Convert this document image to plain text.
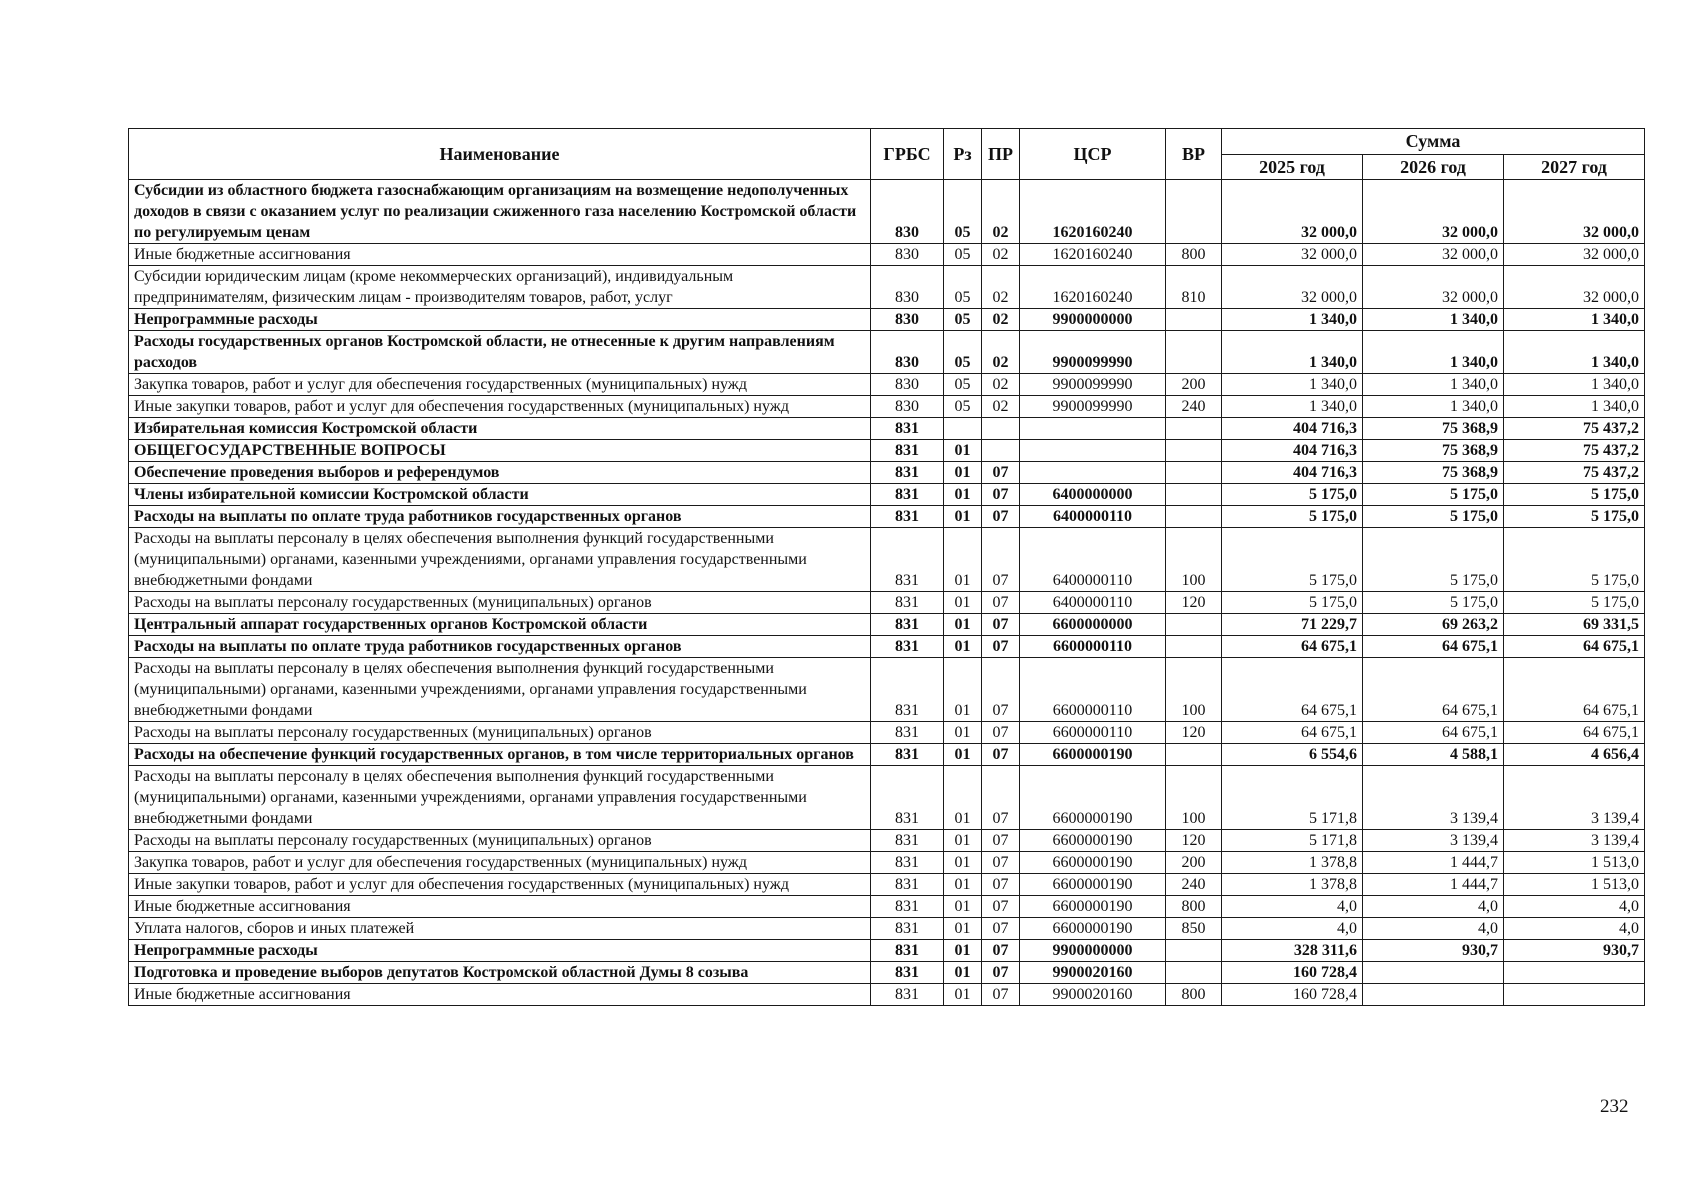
Наименование	ГРБС	Рз	ПР	ЦСР	ВР	Сумма		
						2025 год	2026 год	2027 год
Субсидии из областного бюджета газоснабжающим организациям на возмещение недополученных доходов в связи с оказанием услуг по реализации сжиженного газа населению Костромской области по регулируемым ценам	830	05	02	1620160240		32 000,0	32 000,0	32 000,0
Иные бюджетные ассигнования	830	05	02	1620160240	800	32 000,0	32 000,0	32 000,0
Субсидии юридическим лицам (кроме некоммерческих организаций), индивидуальным предпринимателям, физическим лицам - производителям товаров, работ, услуг	830	05	02	1620160240	810	32 000,0	32 000,0	32 000,0
Непрограммные расходы	830	05	02	9900000000		1 340,0	1 340,0	1 340,0
Расходы государственных органов Костромской области, не отнесенные к другим направлениям расходов	830	05	02	9900099990		1 340,0	1 340,0	1 340,0
Закупка товаров, работ и услуг для обеспечения государственных (муниципальных) нужд	830	05	02	9900099990	200	1 340,0	1 340,0	1 340,0
Иные закупки товаров, работ и услуг для обеспечения государственных (муниципальных) нужд	830	05	02	9900099990	240	1 340,0	1 340,0	1 340,0
Избирательная комиссия Костромской области	831					404 716,3	75 368,9	75 437,2
ОБЩЕГОСУДАРСТВЕННЫЕ ВОПРОСЫ	831	01				404 716,3	75 368,9	75 437,2
Обеспечение проведения выборов и референдумов	831	01	07			404 716,3	75 368,9	75 437,2
Члены избирательной комиссии Костромской области	831	01	07	6400000000		5 175,0	5 175,0	5 175,0
Расходы на выплаты по оплате труда работников государственных органов	831	01	07	6400000110		5 175,0	5 175,0	5 175,0
Расходы на выплаты персоналу в целях обеспечения выполнения функций государственными (муниципальными) органами, казенными учреждениями, органами управления государственными внебюджетными фондами	831	01	07	6400000110	100	5 175,0	5 175,0	5 175,0
Расходы на выплаты персоналу государственных (муниципальных) органов	831	01	07	6400000110	120	5 175,0	5 175,0	5 175,0
Центральный аппарат государственных органов Костромской области	831	01	07	6600000000		71 229,7	69 263,2	69 331,5
Расходы на выплаты по оплате труда работников государственных органов	831	01	07	6600000110		64 675,1	64 675,1	64 675,1
Расходы на выплаты персоналу в целях обеспечения выполнения функций государственными (муниципальными) органами, казенными учреждениями, органами управления государственными внебюджетными фондами	831	01	07	6600000110	100	64 675,1	64 675,1	64 675,1
Расходы на выплаты персоналу государственных (муниципальных) органов	831	01	07	6600000110	120	64 675,1	64 675,1	64 675,1
Расходы на обеспечение функций государственных органов, в том числе территориальных органов	831	01	07	6600000190		6 554,6	4 588,1	4 656,4
Расходы на выплаты персоналу в целях обеспечения выполнения функций государственными (муниципальными) органами, казенными учреждениями, органами управления государственными внебюджетными фондами	831	01	07	6600000190	100	5 171,8	3 139,4	3 139,4
Расходы на выплаты персоналу государственных (муниципальных) органов	831	01	07	6600000190	120	5 171,8	3 139,4	3 139,4
Закупка товаров, работ и услуг для обеспечения государственных (муниципальных) нужд	831	01	07	6600000190	200	1 378,8	1 444,7	1 513,0
Иные закупки товаров, работ и услуг для обеспечения государственных (муниципальных) нужд	831	01	07	6600000190	240	1 378,8	1 444,7	1 513,0
Иные бюджетные ассигнования	831	01	07	6600000190	800	4,0	4,0	4,0
Уплата налогов, сборов и иных платежей	831	01	07	6600000190	850	4,0	4,0	4,0
Непрограммные расходы	831	01	07	9900000000		328 311,6	930,7	930,7
Подготовка и проведение выборов депутатов Костромской областной Думы 8 созыва	831	01	07	9900020160		160 728,4		
Иные бюджетные ассигнования	831	01	07	9900020160	800	160 728,4		
232
